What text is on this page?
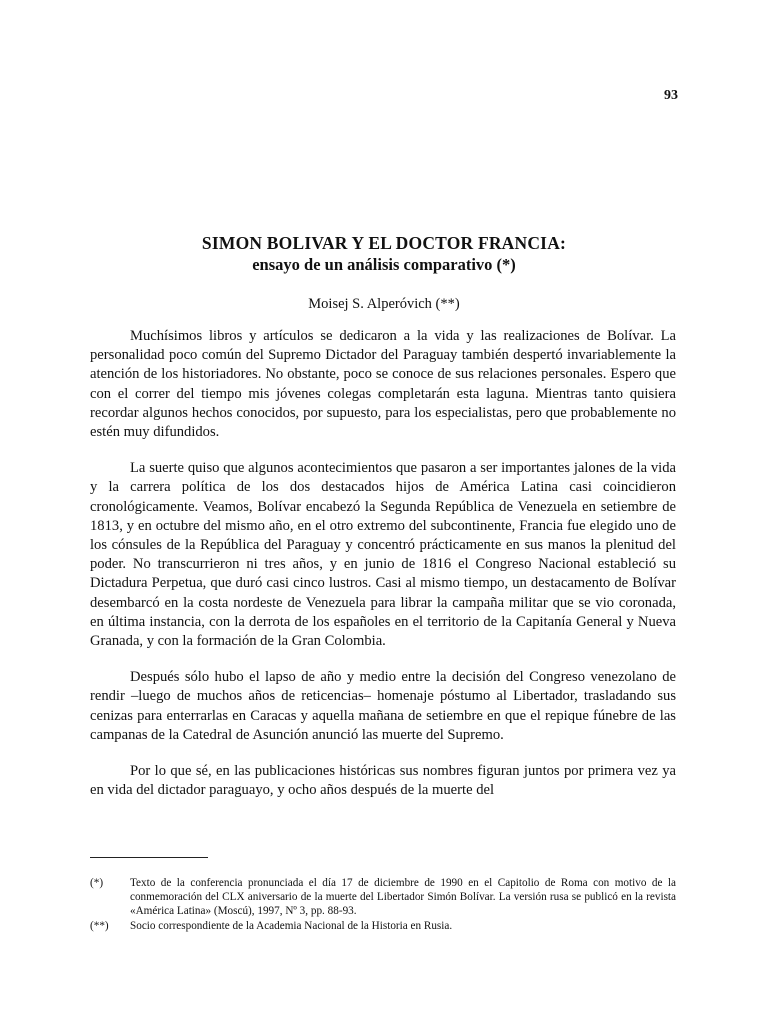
93
SIMON BOLIVAR Y EL DOCTOR FRANCIA:
ensayo de un análisis comparativo (*)
Moisej S. Alperóvich (**)

Muchísimos libros y artículos se dedicaron a la vida y las realizaciones de Bolívar. La personalidad poco común del Supremo Dictador del Paraguay también despertó invariablemente la atención de los historiadores. No obstante, poco se conoce de sus relaciones personales. Espero que con el correr del tiempo mis jóvenes colegas completarán esta laguna. Mientras tanto quisiera recordar algunos hechos conocidos, por supuesto, para los especialistas, pero que probablemente no estén muy difundidos.

La suerte quiso que algunos acontecimientos que pasaron a ser importantes jalones de la vida y la carrera política de los dos destacados hijos de América Latina casi coincidieron cronológicamente. Veamos, Bolívar encabezó la Segunda República de Venezuela en setiembre de 1813, y en octubre del mismo año, en el otro extremo del subcontinente, Francia fue elegido uno de los cónsules de la República del Paraguay y concentró prácticamente en sus manos la plenitud del poder. No transcurrieron ni tres años, y en junio de 1816 el Congreso Nacional estableció su Dictadura Perpetua, que duró casi cinco lustros. Casi al mismo tiempo, un destacamento de Bolívar desembarcó en la costa nordeste de Venezuela para librar la campaña militar que se vio coronada, en última instancia, con la derrota de los españoles en el territorio de la Capitanía General y Nueva Granada, y con la formación de la Gran Colombia.

Después sólo hubo el lapso de año y medio entre la decisión del Congreso venezolano de rendir –luego de muchos años de reticencias– homenaje póstumo al Libertador, trasladando sus cenizas para enterrarlas en Caracas y aquella mañana de setiembre en que el repique fúnebre de las campanas de la Catedral de Asunción anunció las muerte del Supremo.

Por lo que sé, en las publicaciones históricas sus nombres figuran juntos por primera vez ya en vida del dictador paraguayo, y ocho años después de la muerte del

(*)	Texto de la conferencia pronunciada el día 17 de diciembre de 1990 en el Capitolio de Roma con motivo de la conmemoración del CLX aniversario de la muerte del Libertador Simón Bolívar. La versión rusa se publicó en la revista «América Latina» (Moscú), 1997, Nº 3, pp. 88-93.
(**)	Socio correspondiente de la Academia Nacional de la Historia en Rusia.
